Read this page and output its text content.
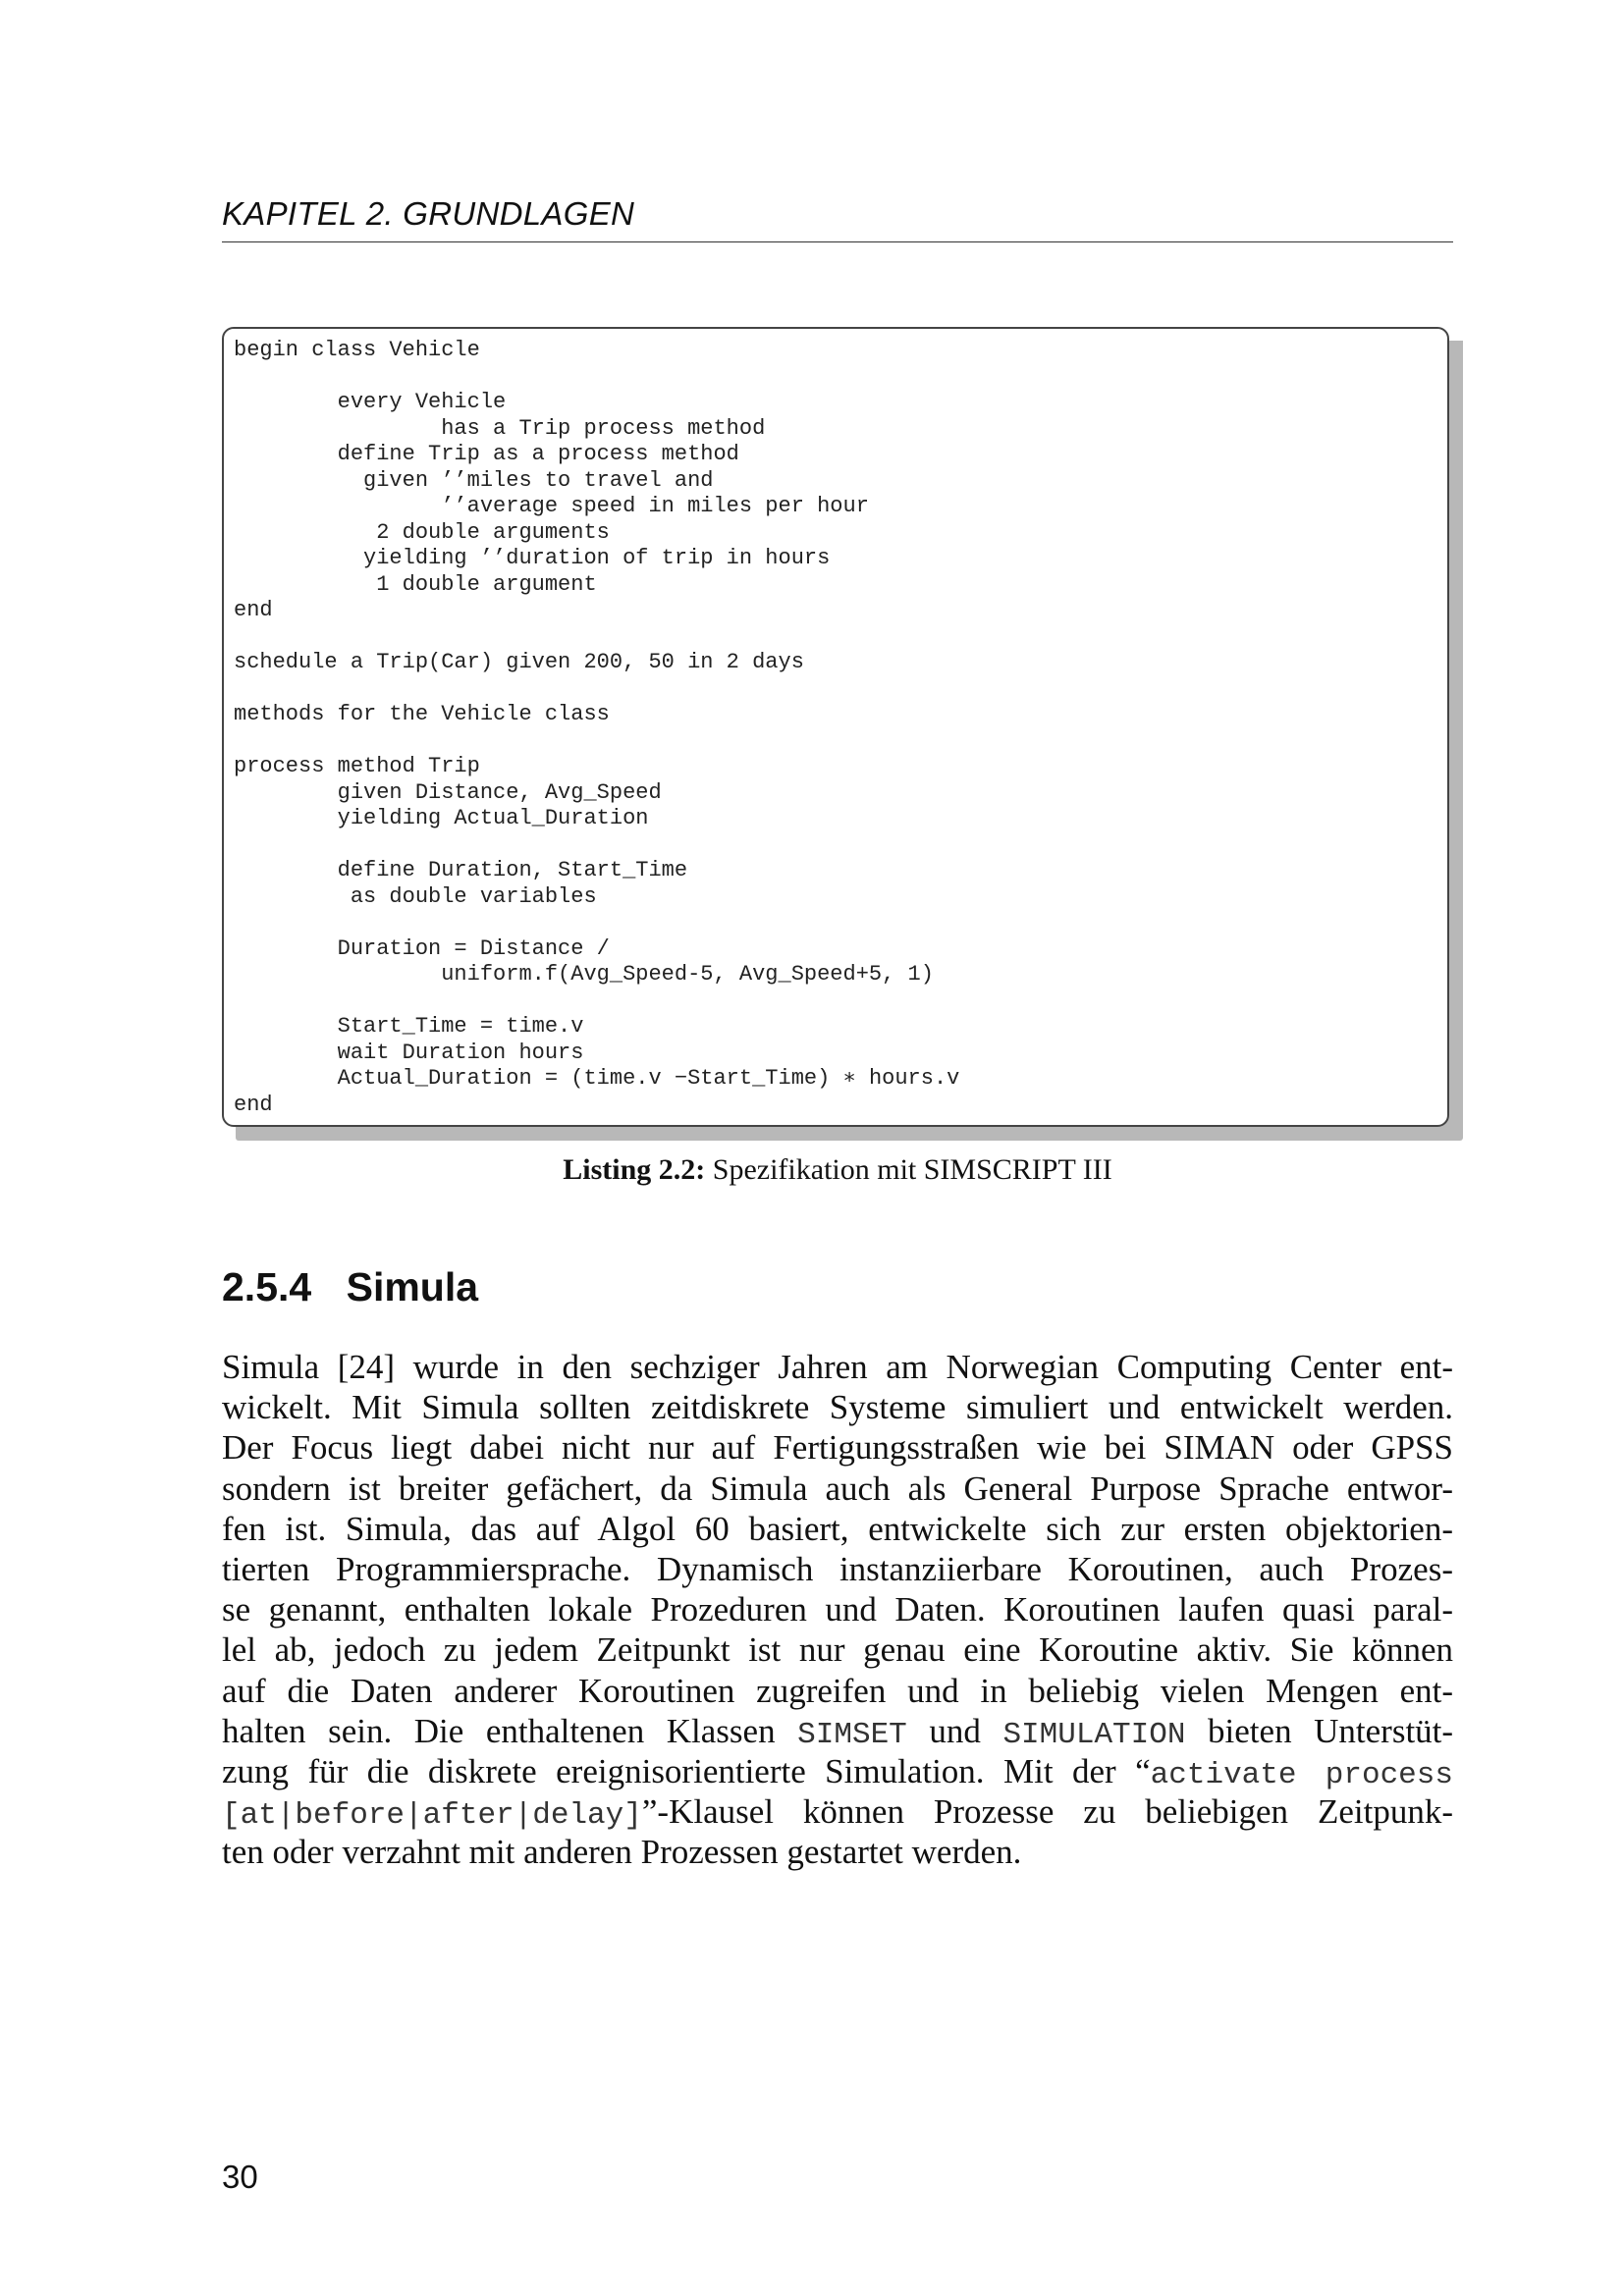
KAPITEL 2. GRUNDLAGEN
begin class Vehicle

every Vehicle
has a Trip process method
define Trip as a process method
given ’’miles to travel and
’’average speed in miles per hour
2 double arguments
yielding ’’duration of trip in hours
1 double argument
end

schedule a Trip(Car) given 200, 50 in 2 days

methods for the Vehicle class

process method Trip
given Distance, Avg_Speed
yielding Actual_Duration

define Duration, Start_Time
as double variables

Duration = Distance /
uniform.f(Avg_Speed-5, Avg_Speed+5, 1)

Start_Time = time.v
wait Duration hours
Actual_Duration = (time.v −Start_Time) ∗ hours.v
end
Listing 2.2: Spezifikation mit SIMSCRIPT III
2.5.4 Simula
Simula [24] wurde in den sechziger Jahren am Norwegian Computing Center ent-
wickelt. Mit Simula sollten zeitdiskrete Systeme simuliert und entwickelt werden.
Der Focus liegt dabei nicht nur auf Fertigungsstraßen wie bei SIMAN oder GPSS
sondern ist breiter gefächert, da Simula auch als General Purpose Sprache entwor-
fen ist. Simula, das auf Algol 60 basiert, entwickelte sich zur ersten objektorien-
tierten Programmiersprache. Dynamisch instanziierbare Koroutinen, auch Prozes-
se genannt, enthalten lokale Prozeduren und Daten. Koroutinen laufen quasi paral-
lel ab, jedoch zu jedem Zeitpunkt ist nur genau eine Koroutine aktiv. Sie können
auf die Daten anderer Koroutinen zugreifen und in beliebig vielen Mengen ent-
halten sein. Die enthaltenen Klassen SIMSET und SIMULATION bieten Unterstüt-
zung für die diskrete ereignisorientierte Simulation. Mit der “activate process
[at|before|after|delay]”-Klausel können Prozesse zu beliebigen Zeitpunk-
ten oder verzahnt mit anderen Prozessen gestartet werden.
30
